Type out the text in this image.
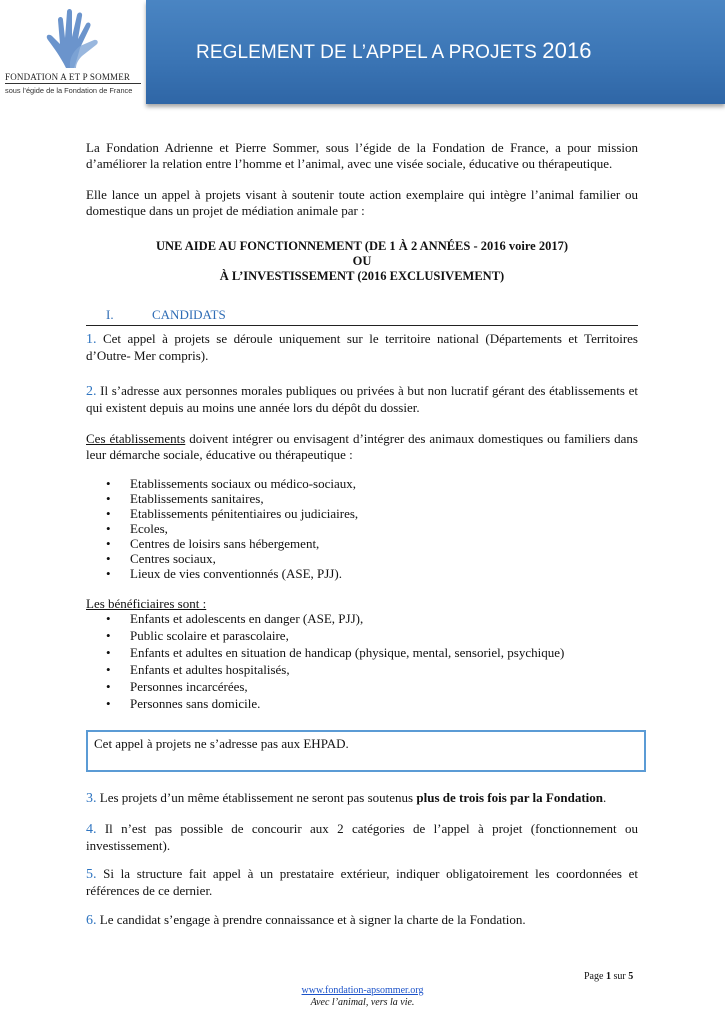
FONDATION A ET P SOMMER
sous l’égide de la Fondation de France
REGLEMENT DE L’APPEL A PROJETS 2016

La Fondation Adrienne et Pierre Sommer, sous l’égide de la Fondation de France, a pour mission d’améliorer la relation entre l’homme et l’animal, avec une visée sociale, éducative ou thérapeutique.

Elle lance un appel à projets visant à soutenir toute action exemplaire qui intègre l’animal familier ou domestique dans un projet de médiation animale par :

UNE AIDE AU FONCTIONNEMENT (DE 1 À 2 ANNÉES - 2016 voire 2017)
OU
À L’INVESTISSEMENT (2016 EXCLUSIVEMENT)
I.	CANDIDATS

1. Cet appel à projets se déroule uniquement sur le territoire national (Départements et Territoires d’Outre- Mer compris).

2. Il s’adresse aux personnes morales publiques ou privées à but non lucratif gérant des établissements et qui existent depuis au moins une année lors du dépôt du dossier.

Ces établissements doivent intégrer ou envisagent d’intégrer des animaux domestiques ou familiers dans leur démarche sociale, éducative ou thérapeutique :

• Etablissements sociaux ou médico-sociaux,
• Etablissements sanitaires,
• Etablissements pénitentiaires ou judiciaires,
• Ecoles,
• Centres de loisirs sans hébergement,
• Centres sociaux,
• Lieux de vies conventionnés (ASE, PJJ).

Les bénéficiaires sont :

• Enfants et adolescents en danger (ASE, PJJ),
• Public scolaire et parascolaire,
• Enfants et adultes en situation de handicap (physique, mental, sensoriel, psychique)
• Enfants et adultes hospitalisés,
• Personnes incarcérées,
• Personnes sans domicile.
Cet appel à projets ne s’adresse pas aux EHPAD.

3. Les projets d’un même établissement ne seront pas soutenus plus de trois fois par la Fondation.

4. Il n’est pas possible de concourir aux 2 catégories de l’appel à projet (fonctionnement ou investissement).

5. Si la structure fait appel à un prestataire extérieur, indiquer obligatoirement les coordonnées et références de ce dernier.

6. Le candidat s’engage à prendre connaissance et à signer la charte de la Fondation.

Page 1 sur 5
www.fondation-apsommer.org
Avec l’animal, vers la vie.
